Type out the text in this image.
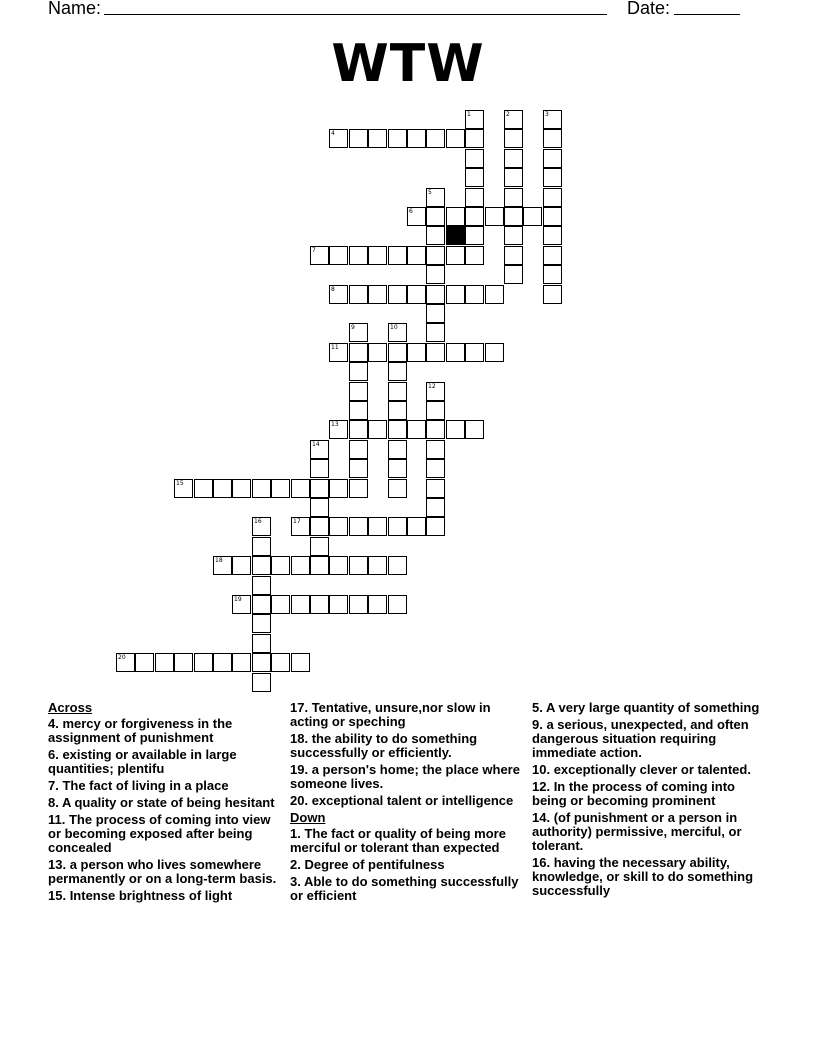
Name:	Date:
WTW
4
6
7
8
11
13
15
17
18
19
20
1	2	3
5
9	10
12
14
16
Across
4. mercy or forgiveness in the assignment of punishment
6. existing or available in large quantities; plentifu
7. The fact of living in a place
8. A quality or state of being hesitant
11. The process of coming into view or becoming exposed after being concealed
13. a person who lives somewhere permanently or on a long-term basis.
15. Intense brightness of light
17. Tentative, unsure,nor slow in acting or speching
18. the ability to do something successfully or efficiently.
19. a person's home; the place where someone lives.
20. exceptional talent or intelligence
Down
1. The fact or quality of being more merciful or tolerant than expected
2. Degree of pentifulness
3. Able to do something successfully or efficient
5. A very large quantity of something
9. a serious, unexpected, and often dangerous situation requiring immediate action.
10. exceptionally clever or talented.
12. In the process of coming into being or becoming prominent
14. (of punishment or a person in authority) permissive, merciful, or tolerant.
16. having the necessary ability, knowledge, or skill to do something successfully
